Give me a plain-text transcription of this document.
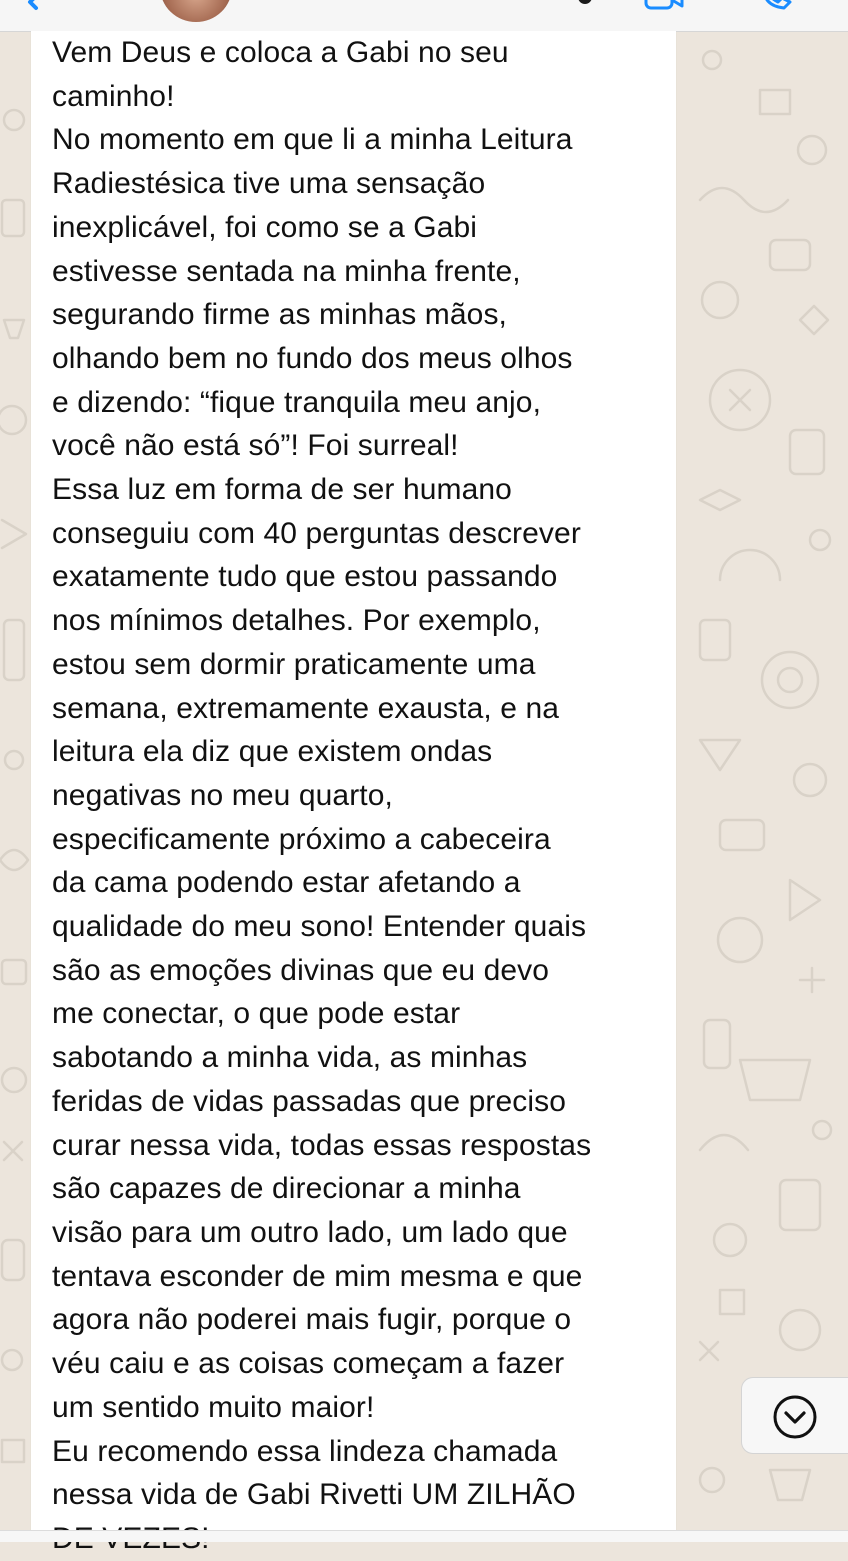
Vem Deus e coloca a Gabi no seu
caminho!
No momento em que li a minha Leitura
Radiestésica tive uma sensação
inexplicável, foi como se a Gabi
estivesse sentada na minha frente,
segurando firme as minhas mãos,
olhando bem no fundo dos meus olhos
e dizendo: “fique tranquila meu anjo,
você não está só”! Foi surreal!
Essa luz em forma de ser humano
conseguiu com 40 perguntas descrever
exatamente tudo que estou passando
nos mínimos detalhes. Por exemplo,
estou sem dormir praticamente uma
semana, extremamente exausta, e na
leitura ela diz que existem ondas
negativas no meu quarto,
especificamente próximo a cabeceira
da cama podendo estar afetando a
qualidade do meu sono! Entender quais
são as emoções divinas que eu devo
me conectar, o que pode estar
sabotando a minha vida, as minhas
feridas de vidas passadas que preciso
curar nessa vida, todas essas respostas
são capazes de direcionar a minha
visão para um outro lado, um lado que
tentava esconder de mim mesma e que
agora não poderei mais fugir, porque o
véu caiu e as coisas começam a fazer
um sentido muito maior!
Eu recomendo essa lindeza chamada
nessa vida de Gabi Rivetti UM ZILHÃO
